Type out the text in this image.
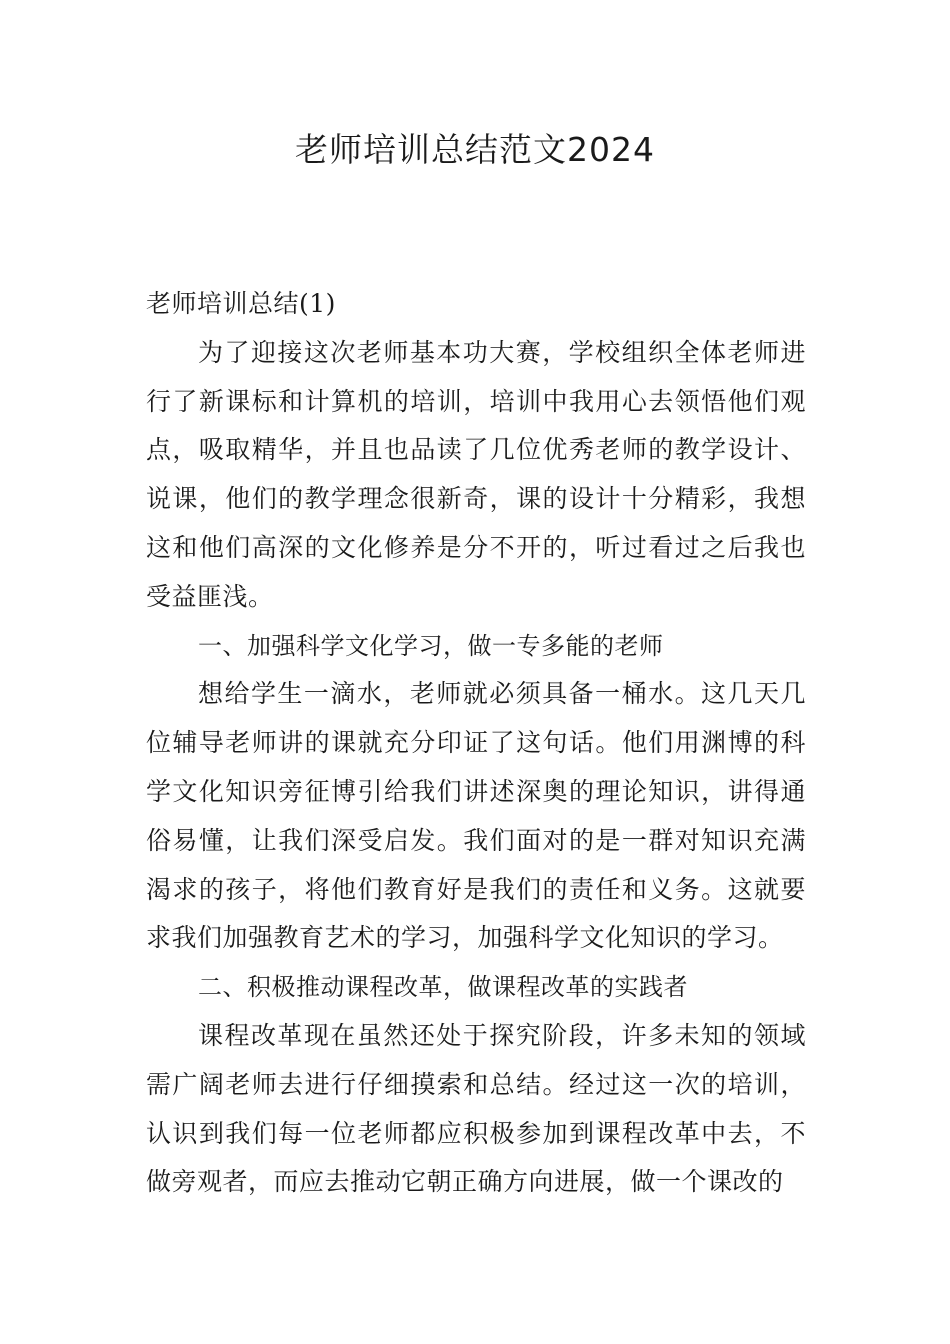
老师培训总结范文2024

老师培训总结(1)

为了迎接这次老师基本功大赛，学校组织全体老师进行了新课标和计算机的培训，培训中我用心去领悟他们观点，吸取精华，并且也品读了几位优秀老师的教学设计、说课，他们的教学理念很新奇，课的设计十分精彩，我想这和他们高深的文化修养是分不开的，听过看过之后我也受益匪浅。

一、加强科学文化学习，做一专多能的老师

想给学生一滴水，老师就必须具备一桶水。这几天几位辅导老师讲的课就充分印证了这句话。他们用渊博的科学文化知识旁征博引给我们讲述深奥的理论知识，讲得通俗易懂，让我们深受启发。我们面对的是一群对知识充满渴求的孩子，将他们教育好是我们的责任和义务。这就要求我们加强教育艺术的学习，加强科学文化知识的学习。

二、积极推动课程改革，做课程改革的实践者

课程改革现在虽然还处于探究阶段，许多未知的领域需广阔老师去进行仔细摸索和总结。经过这一次的培训，认识到我们每一位老师都应积极参加到课程改革中去，不做旁观者，而应去推动它朝正确方向进展，做一个课改的
